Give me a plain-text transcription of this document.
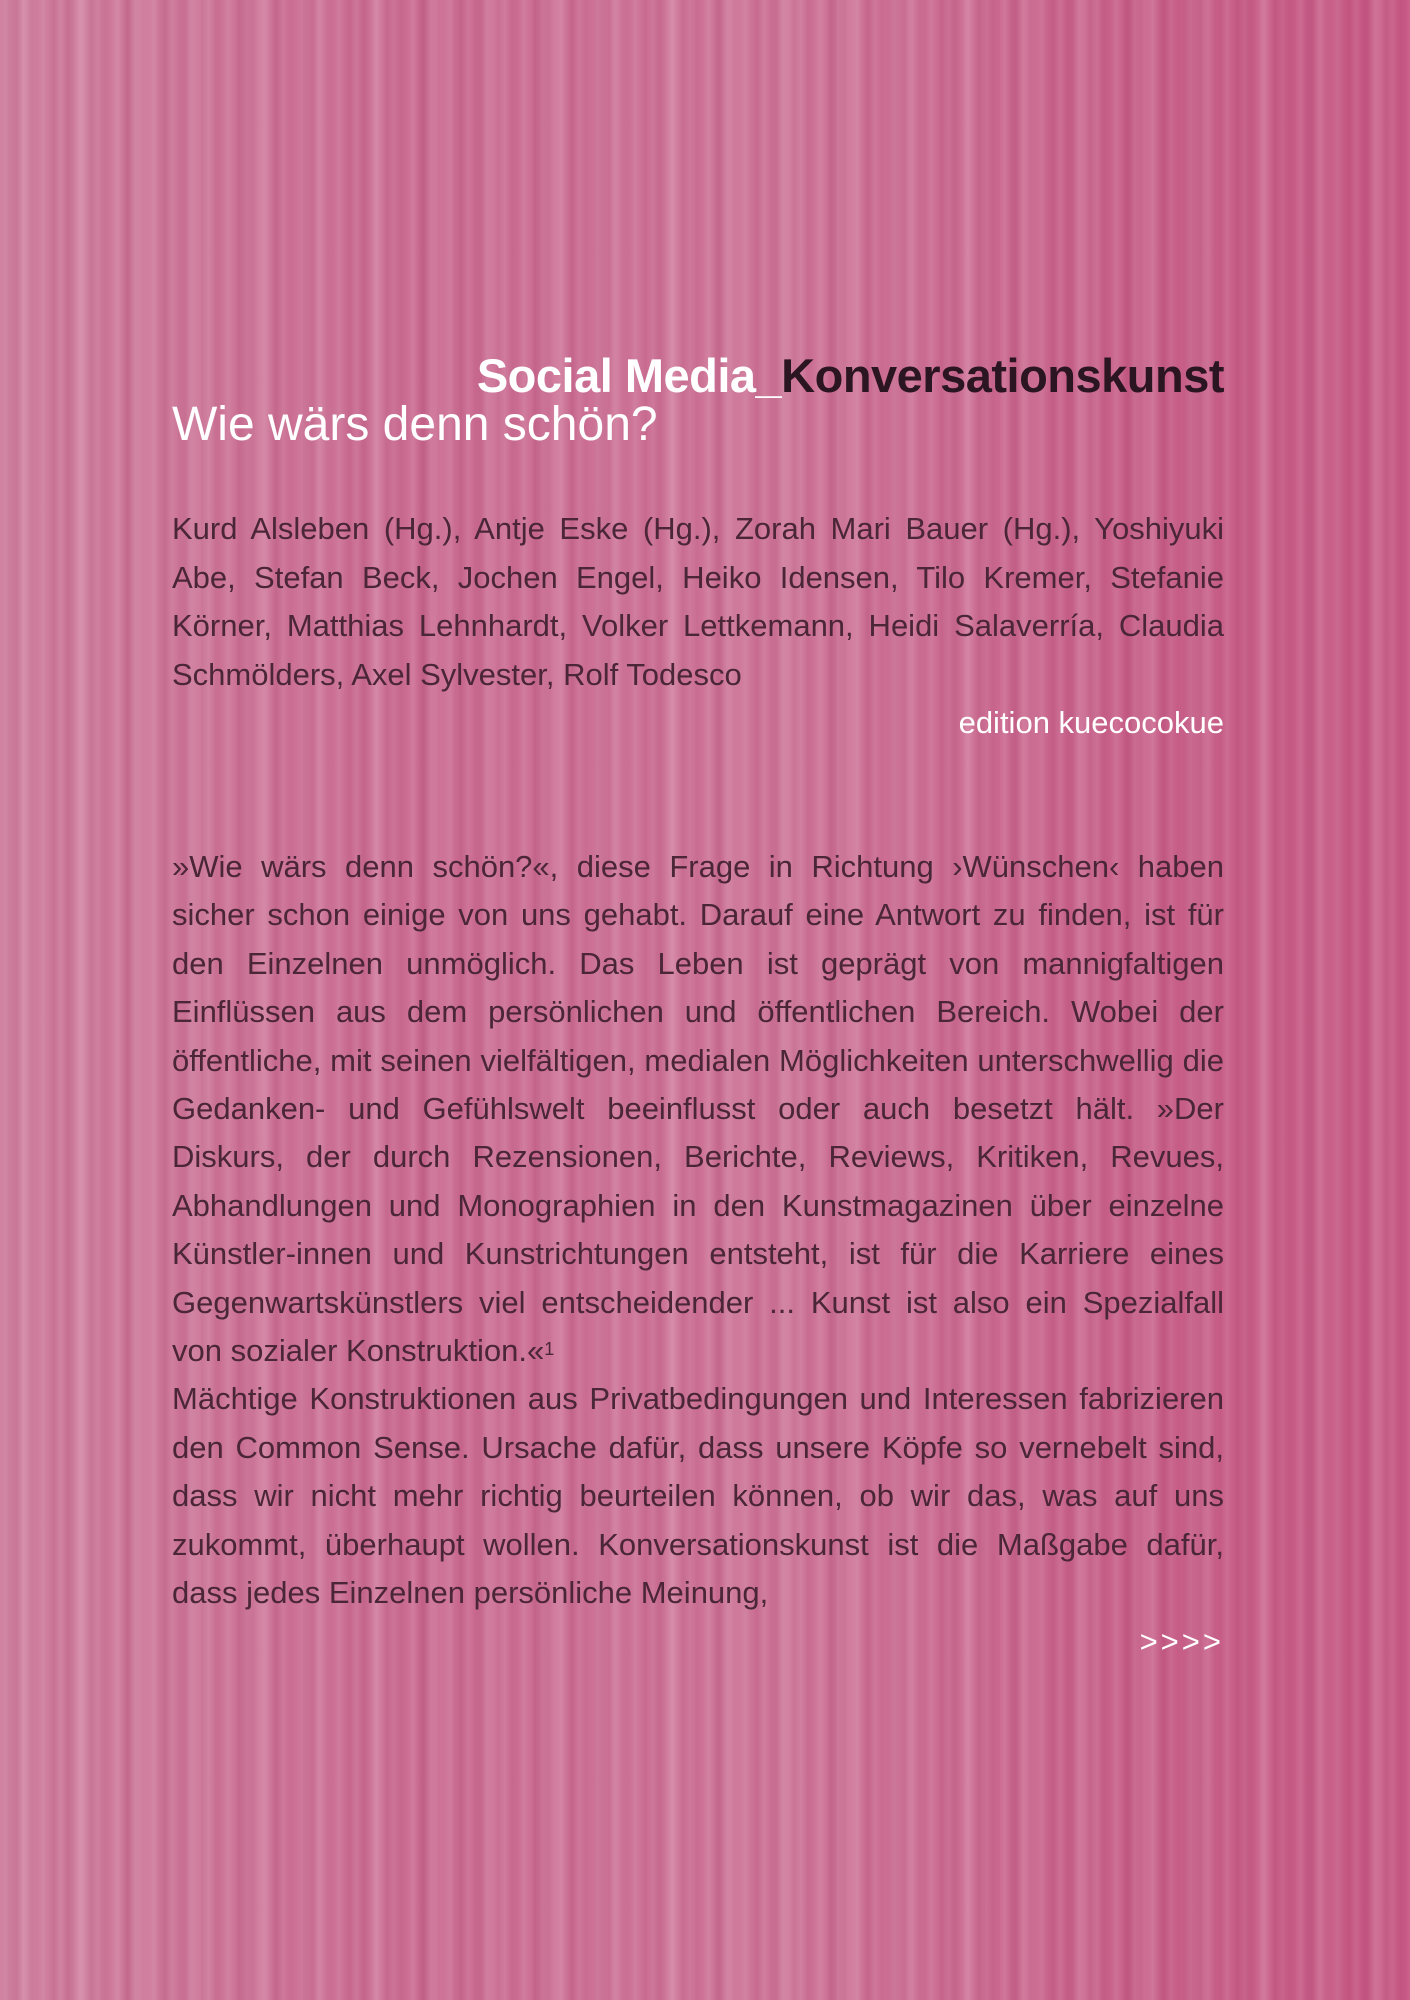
Social Media_Konversationskunst
Wie wärs denn schön?
Kurd Alsleben (Hg.), Antje Eske (Hg.), Zorah Mari Bauer (Hg.), Yoshiyuki Abe, Stefan Beck, Jochen Engel, Heiko Idensen, Tilo Kremer, Stefanie Körner, Matthias Lehnhardt, Volker Lettkemann, Heidi Salaverría, Claudia Schmölders, Axel Sylvester, Rolf Todesco
edition kuecocokue

»Wie wärs denn schön?«, diese Frage in Richtung ›Wünschen‹ haben sicher schon einige von uns gehabt. Darauf eine Antwort zu finden, ist für den Einzelnen unmöglich. Das Leben ist geprägt von mannigfaltigen Einflüssen aus dem persönlichen und öffentlichen Bereich. Wobei der öffentliche, mit seinen vielfältigen, medialen Möglichkeiten unterschwellig die Gedanken- und Gefühlswelt beeinflusst oder auch besetzt hält. »Der Diskurs, der durch Rezensionen, Berichte, Reviews, Kritiken, Revues, Abhandlungen und Monographien in den Kunstmagazinen über einzelne Künstler-innen und Kunstrichtungen entsteht, ist für die Karriere eines Gegenwartskünstlers viel entscheidender ... Kunst ist also ein Spezialfall von sozialer Konstruktion.«$^1$

Mächtige Konstruktionen aus Privatbedingungen und Interessen fabrizieren den Common Sense. Ursache dafür, dass unsere Köpfe so vernebelt sind, dass wir nicht mehr richtig beurteilen können, ob wir das, was auf uns zukommt, überhaupt wollen. Konversationskunst ist die Maßgabe dafür, dass jedes Einzelnen persönliche Meinung,

>>>>
